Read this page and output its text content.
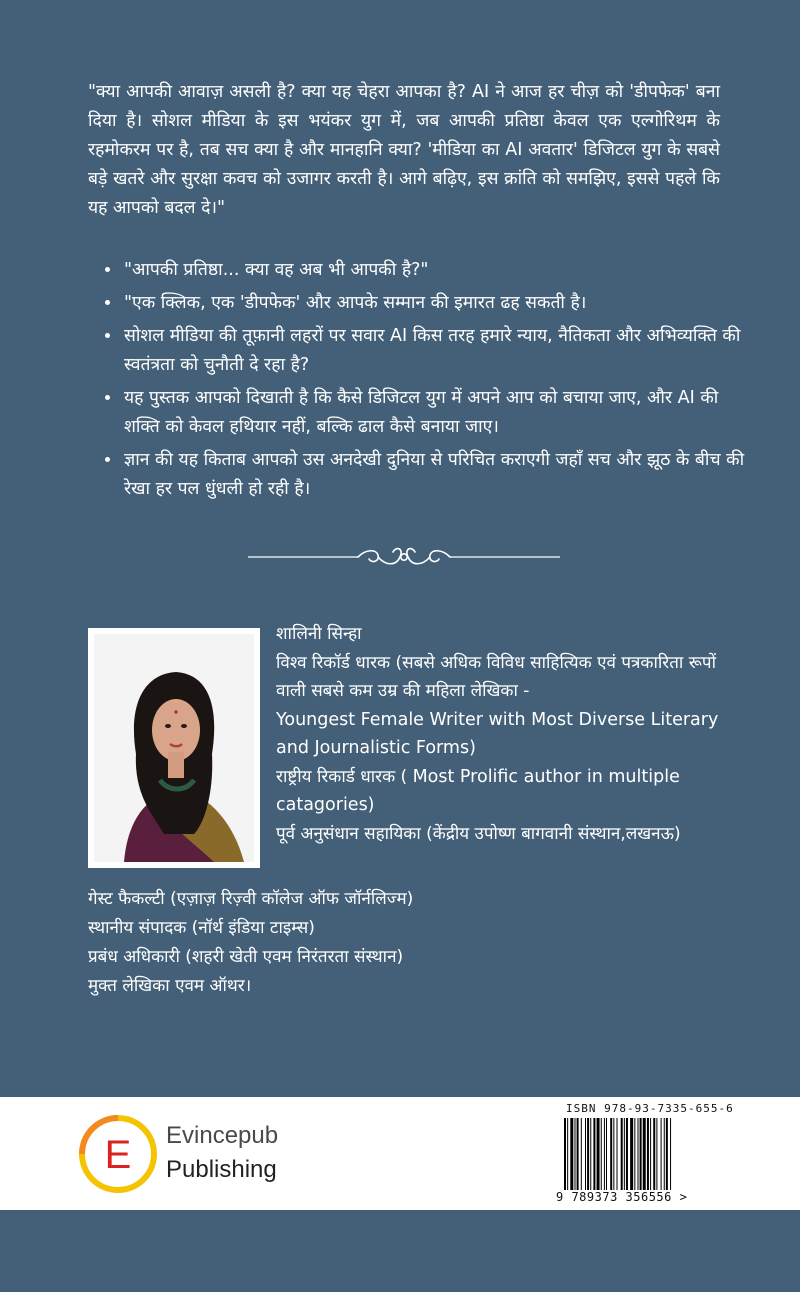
"क्या आपकी आवाज़ असली है? क्या यह चेहरा आपका है? AI ने आज हर चीज़ को 'डीपफेक' बना दिया है। सोशल मीडिया के इस भयंकर युग में, जब आपकी प्रतिष्ठा केवल एक एल्गोरिथम के रहमोकरम पर है, तब सच क्या है और मानहानि क्या? 'मीडिया का AI अवतार' डिजिटल युग के सबसे बड़े खतरे और सुरक्षा कवच को उजागर करती है। आगे बढ़िए, इस क्रांति को समझिए, इससे पहले कि यह आपको बदल दे।"

• "आपकी प्रतिष्ठा... क्या वह अब भी आपकी है?"
• "एक क्लिक, एक 'डीपफेक' और आपके सम्मान की इमारत ढह सकती है।
• सोशल मीडिया की तूफ़ानी लहरों पर सवार AI किस तरह हमारे न्याय, नैतिकता और अभिव्यक्ति की स्वतंत्रता को चुनौती दे रहा है?
• यह पुस्तक आपको दिखाती है कि कैसे डिजिटल युग में अपने आप को बचाया जाए, और AI की शक्ति को केवल हथियार नहीं, बल्कि ढाल कैसे बनाया जाए।
• ज्ञान की यह किताब आपको उस अनदेखी दुनिया से परिचित कराएगी जहाँ सच और झूठ के बीच की रेखा हर पल धुंधली हो रही है।
शालिनी सिन्हा
विश्व रिकॉर्ड धारक (सबसे अधिक विविध साहित्यिक एवं पत्रकारिता रूपों वाली सबसे कम उम्र की महिला लेखिका -
Youngest Female Writer with Most Diverse Literary and Journalistic Forms)
राष्ट्रीय रिकार्ड धारक ( Most Prolific author in multiple catagories)
पूर्व अनुसंधान सहायिका (केंद्रीय उपोष्ण बागवानी संस्थान,लखनऊ)
गेस्ट फैकल्टी (एज़ाज़ रिज़्वी कॉलेज ऑफ जॉर्नलिज्म)
स्थानीय संपादक (नॉर्थ इंडिया टाइम्स)
प्रबंध अधिकारी (शहरी खेती एवम निरंतरता संस्थान)
मुक्त लेखिका एवम ऑथर।
E Evincepub
Publishing
ISBN 978-93-7335-655-6
9 789373 356556 >
